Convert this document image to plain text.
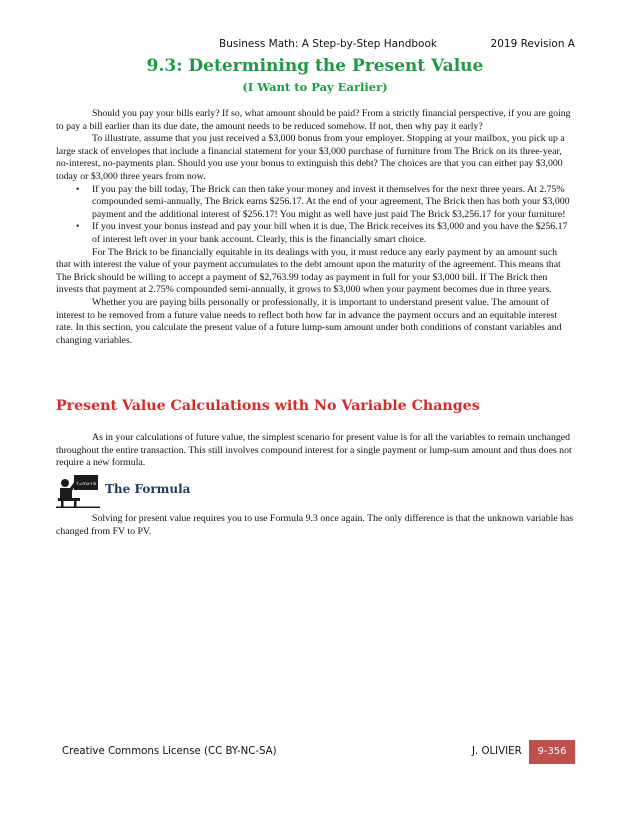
Business Math: A Step-by-Step Handbook	2019 Revision A
9.3: Determining the Present Value
(I Want to Pay Earlier)

Should you pay your bills early? If so, what amount should be paid? From a strictly financial perspective, if you are going to pay a bill earlier than its due date, the amount needs to be reduced somehow. If not, then why pay it early?

To illustrate, assume that you just received a $3,000 bonus from your employer. Stopping at your mailbox, you pick up a large stack of envelopes that include a financial statement for your $3,000 purchase of furniture from The Brick on its three-year, no-interest, no-payments plan. Should you use your bonus to extinguish this debt? The choices are that you can either pay $3,000 today or $3,000 three years from now.

• If you pay the bill today, The Brick can then take your money and invest it themselves for the next three years. At 2.75% compounded semi-annually, The Brick earns $256.17. At the end of your agreement, The Brick then has both your $3,000 payment and the additional interest of $256.17! You might as well have just paid The Brick $3,256.17 for your furniture!
• If you invest your bonus instead and pay your bill when it is due, The Brick receives its $3,000 and you have the $256.17 of interest left over in your bank account. Clearly, this is the financially smart choice.

For The Brick to be financially equitable in its dealings with you, it must reduce any early payment by an amount such that with interest the value of your payment accumulates to the debt amount upon the maturity of the agreement. This means that The Brick should be willing to accept a payment of $2,763.99 today as payment in full for your $3,000 bill. If The Brick then invests that payment at 2.75% compounded semi-annually, it grows to $3,000 when your payment becomes due in three years.

Whether you are paying bills personally or professionally, it is important to understand present value. The amount of interest to be removed from a future value needs to reflect both how far in advance the payment occurs and an equitable interest rate. In this section, you calculate the present value of a future lump-sum amount under both conditions of constant variables and changing variables.

Present Value Calculations with No Variable Changes

As in your calculations of future value, the simplest scenario for present value is for all the variables to remain unchanged throughout the entire transaction. This still involves compound interest for a single payment or lump-sum amount and thus does not require a new formula.

Y=mx+b The Formula

Solving for present value requires you to use Formula 9.3 once again. The only difference is that the unknown variable has changed from FV to PV.

Creative Commons License (CC BY-NC-SA)	J. OLIVIER	9-356
